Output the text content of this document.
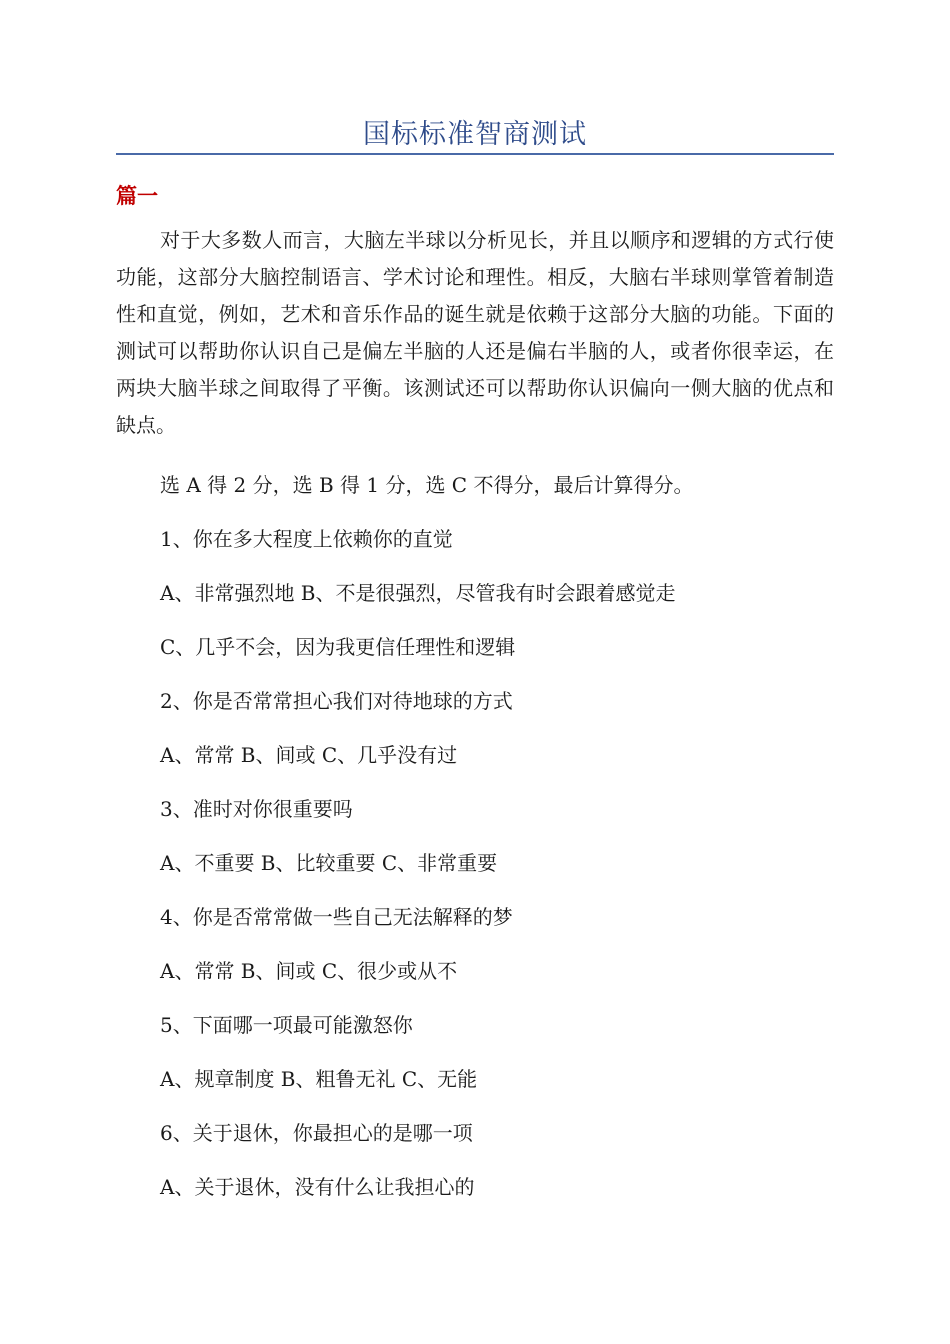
国标标准智商测试
篇一

对于大多数人而言，大脑左半球以分析见长，并且以顺序和逻辑的方式行使功能，这部分大脑控制语言、学术讨论和理性。相反，大脑右半球则掌管着制造性和直觉，例如，艺术和音乐作品的诞生就是依赖于这部分大脑的功能。下面的测试可以帮助你认识自己是偏左半脑的人还是偏右半脑的人，或者你很幸运，在两块大脑半球之间取得了平衡。该测试还可以帮助你认识偏向一侧大脑的优点和缺点。

选 A 得 2 分，选 B 得 1 分，选 C 不得分，最后计算得分。
1、你在多大程度上依赖你的直觉
A、非常强烈地 B、不是很强烈，尽管我有时会跟着感觉走
C、几乎不会，因为我更信任理性和逻辑
2、你是否常常担心我们对待地球的方式
A、常常 B、间或 C、几乎没有过
3、准时对你很重要吗
A、不重要 B、比较重要 C、非常重要
4、你是否常常做一些自己无法解释的梦
A、常常 B、间或 C、很少或从不
5、下面哪一项最可能激怒你
A、规章制度 B、粗鲁无礼 C、无能
6、关于退休，你最担心的是哪一项
A、关于退休，没有什么让我担心的
